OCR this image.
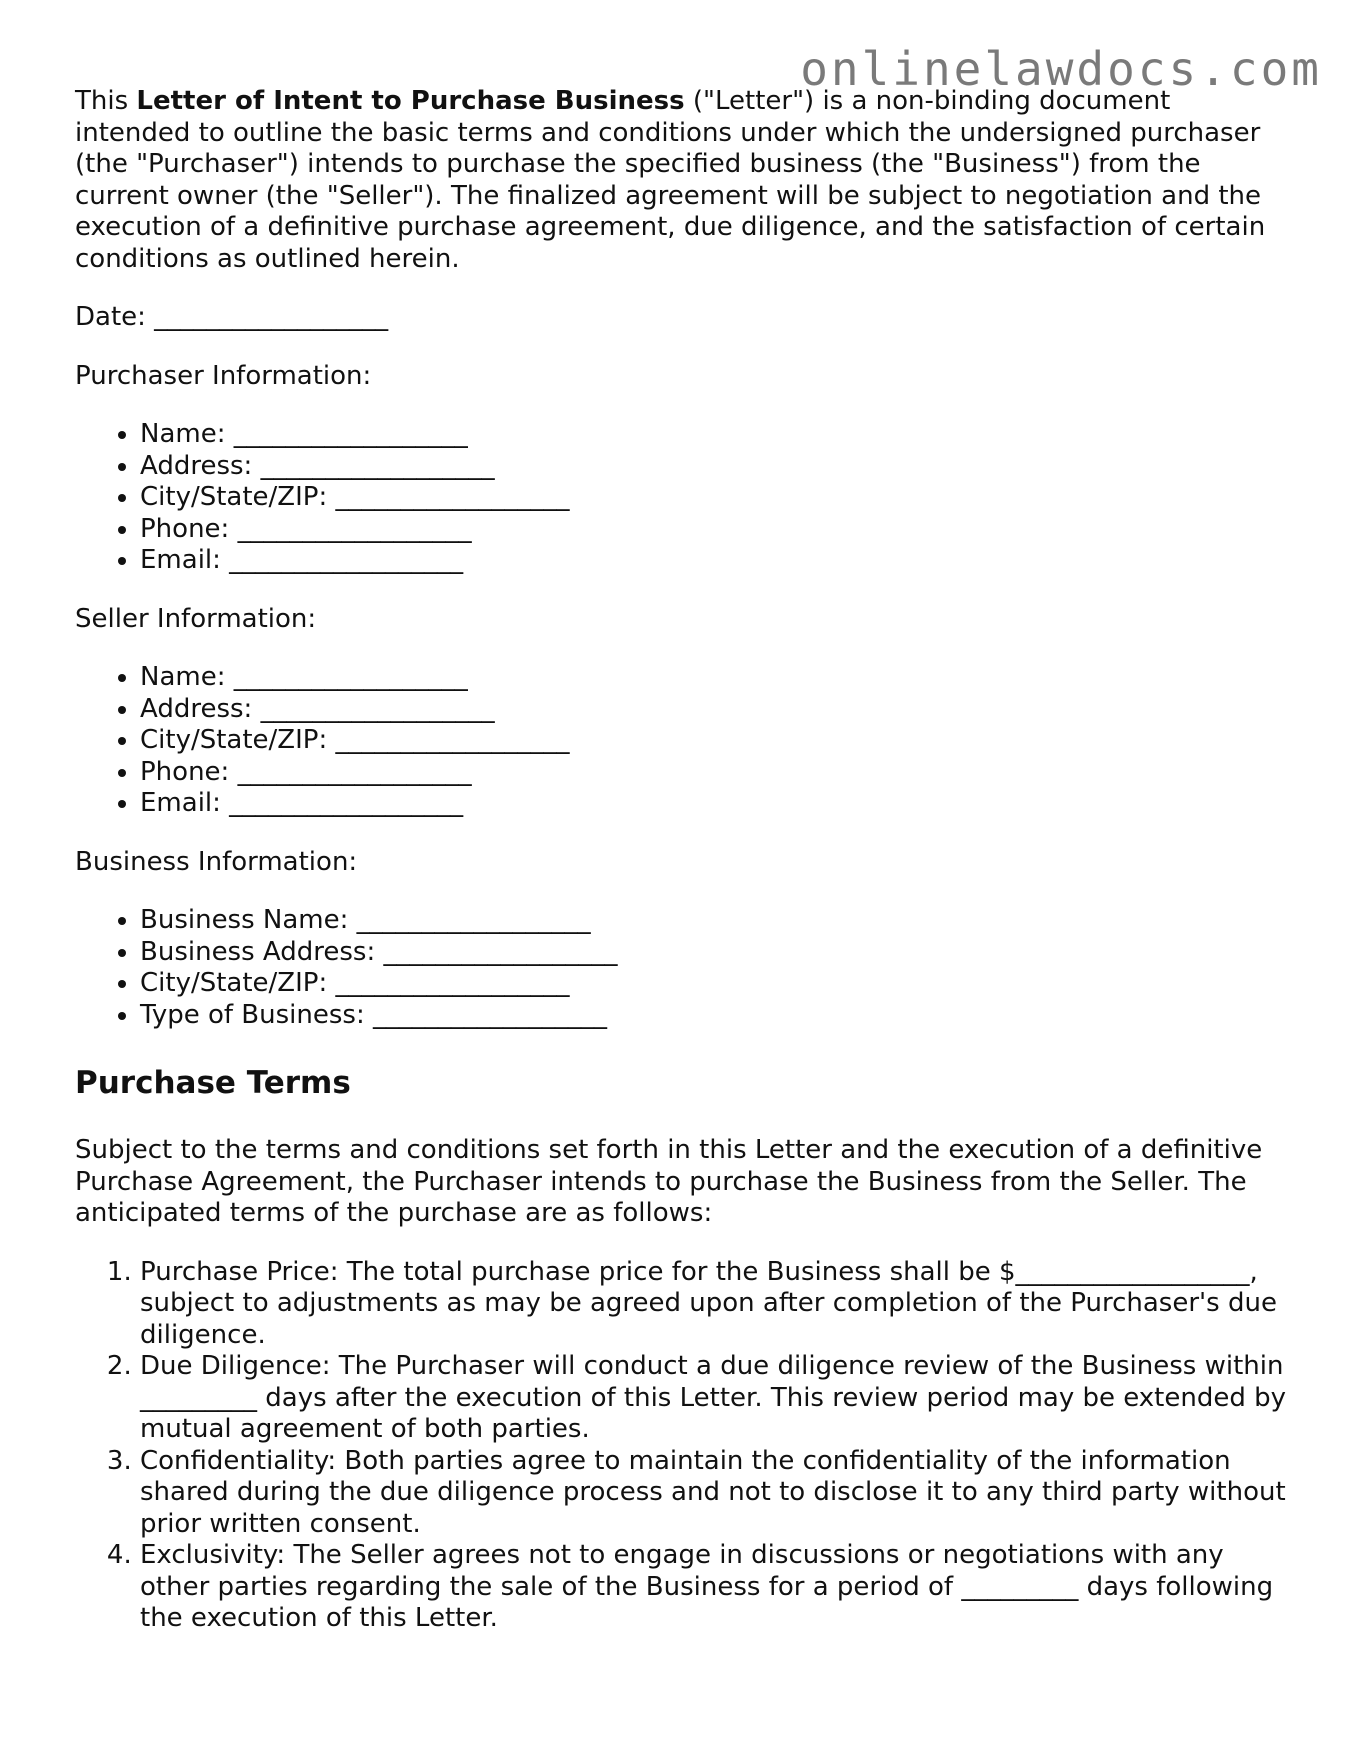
onlinelawdocs.com

This Letter of Intent to Purchase Business ("Letter") is a non-binding document intended to outline the basic terms and conditions under which the undersigned purchaser (the "Purchaser") intends to purchase the specified business (the "Business") from the current owner (the "Seller"). The finalized agreement will be subject to negotiation and the execution of a definitive purchase agreement, due diligence, and the satisfaction of certain conditions as outlined herein.

Date: __________________

Purchaser Information:

• Name: __________________
• Address: __________________
• City/State/ZIP: __________________
• Phone: __________________
• Email: __________________

Seller Information:

• Name: __________________
• Address: __________________
• City/State/ZIP: __________________
• Phone: __________________
• Email: __________________

Business Information:

• Business Name: __________________
• Business Address: __________________
• City/State/ZIP: __________________
• Type of Business: __________________
Purchase Terms

Subject to the terms and conditions set forth in this Letter and the execution of a definitive Purchase Agreement, the Purchaser intends to purchase the Business from the Seller. The anticipated terms of the purchase are as follows:

1. Purchase Price: The total purchase price for the Business shall be $__________________, subject to adjustments as may be agreed upon after completion of the Purchaser's due diligence.
2. Due Diligence: The Purchaser will conduct a due diligence review of the Business within _________ days after the execution of this Letter. This review period may be extended by mutual agreement of both parties.
3. Confidentiality: Both parties agree to maintain the confidentiality of the information shared during the due diligence process and not to disclose it to any third party without prior written consent.
4. Exclusivity: The Seller agrees not to engage in discussions or negotiations with any other parties regarding the sale of the Business for a period of _________ days following the execution of this Letter.
